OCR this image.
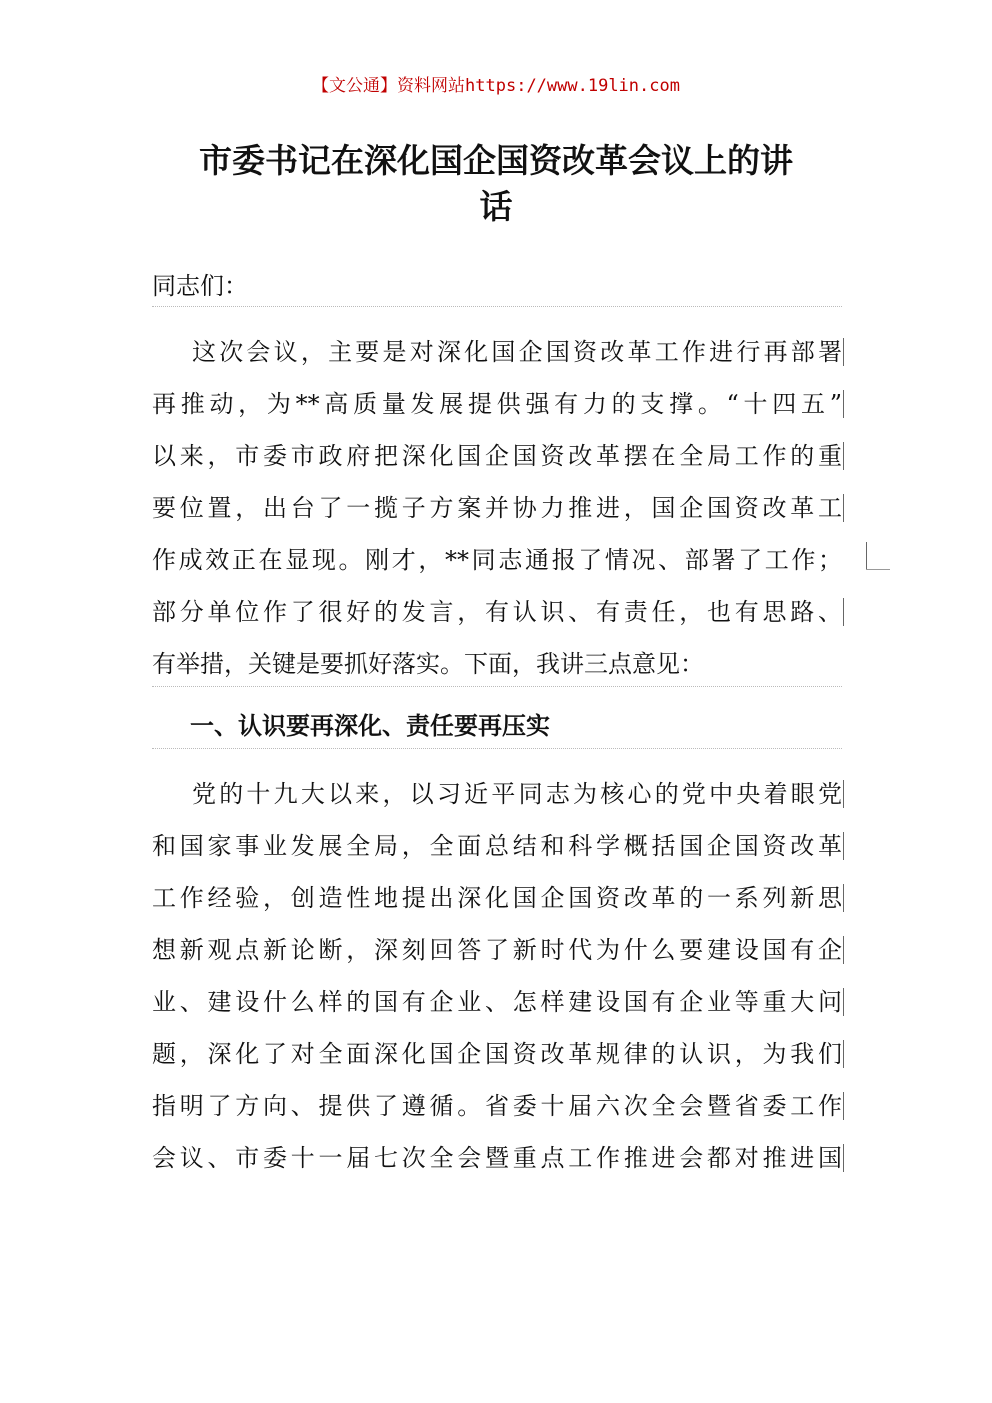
【文公通】资料网站https://www.19lin.com
市委书记在深化国企国资改革会议上的讲
话
同志们：
这次会议，主要是对深化国企国资改革工作进行再部署
再推动，为**高质量发展提供强有力的支撑。“十四五”
以来，市委市政府把深化国企国资改革摆在全局工作的重
要位置，出台了一揽子方案并协力推进，国企国资改革工
作成效正在显现。刚才，**同志通报了情况、部署了工作；
部分单位作了很好的发言，有认识、有责任，也有思路、
有举措，关键是要抓好落实。下面，我讲三点意见：
一、认识要再深化、责任要再压实
党的十九大以来，以习近平同志为核心的党中央着眼党
和国家事业发展全局，全面总结和科学概括国企国资改革
工作经验，创造性地提出深化国企国资改革的一系列新思
想新观点新论断，深刻回答了新时代为什么要建设国有企
业、建设什么样的国有企业、怎样建设国有企业等重大问
题，深化了对全面深化国企国资改革规律的认识，为我们
指明了方向、提供了遵循。省委十届六次全会暨省委工作
会议、市委十一届七次全会暨重点工作推进会都对推进国
